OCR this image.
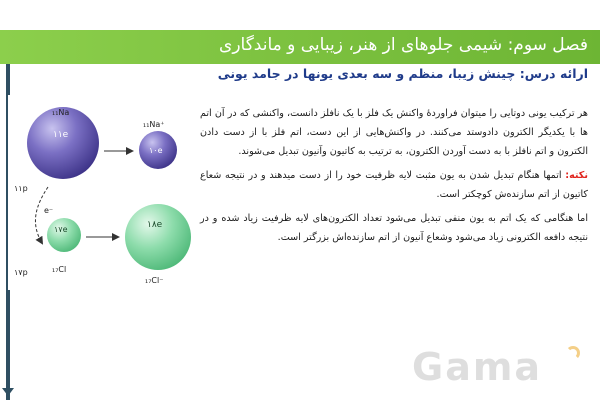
فصل سوم: شیمی جلوهای از هنر، زیبایی و ماندگاری
ارائه درس: چینش زیبا، منظم و سه بعدی یونها در جامد یونی
₁₁Na
۱۱e
۱۱p
₁₁Na⁺
۱۰e
e⁻
۱۷e
₁₇Cl
۱۷p
۱۸e
₁₇Cl⁻

هر ترکیب یونی دوتایی را میتوان فراورده‌ٔ واکنش یک فلز با یک نافلز دانست، واکنشی که در آن اتم ها با یکدیگر الکترون دادوستد می‌کنند. در واکنش‌هایی از این دست، اتم فلز با از دست دادن الکترون و اتم نافلز با به دست آوردن الکترون، به ترتیب به کاتیون وآنیون تبدیل می‌شوند.

نکته: اتمها هنگام تبدیل شدن به یون مثبت لایه ظرفیت خود را از دست میدهند و در نتیجه شعاع کاتیون از اتم سازنده‌ش کوچکتر است.

اما هنگامی که یک اتم به یون منفی تبدیل می‌شود تعداد الکترون‌های لایه ظرفیت زیاد شده و در نتیجه دافعه الکترونی زیاد می‌شود وشعاع آنیون از اتم سازنده‌اش بزرگتر است.

Gama
